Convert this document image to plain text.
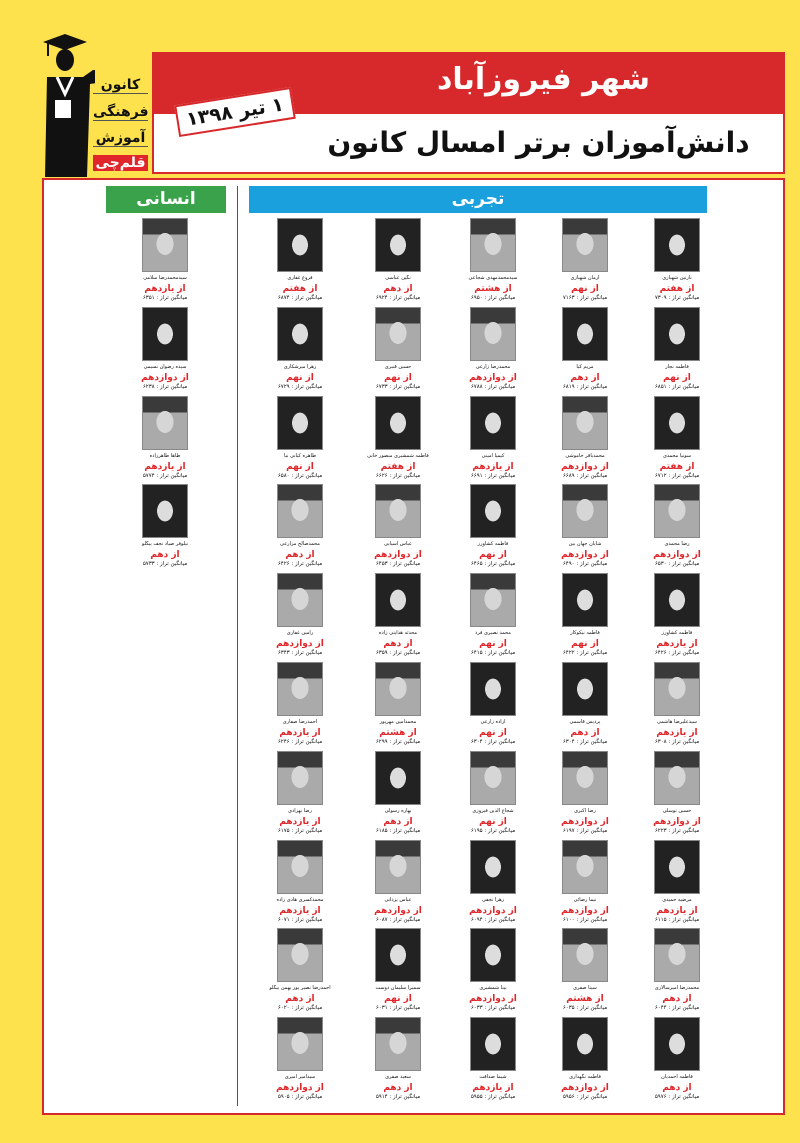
کانون
فرهنگی
آموزش
قلم‌چی
شهر فیروزآباد
دانش‌آموزان برتر امسال کانون
۱ تیر ۱۳۹۸
انسانی	تجربی
نازنین شهبازی
از هفتم
میانگین تراز : ۷۳۰۹
آرمان شهبازی
از نهم
میانگین تراز : ۷۱۶۳
سیدمحمدمهدی شجاعی
از هشتم
میانگین تراز : ۶۹۵۰
نگین عباسی
از دهم
میانگین تراز : ۶۹۲۴
فروغ غفاری
از هفتم
میانگین تراز : ۶۸۷۴
فاطمه نجار
از نهم
میانگین تراز : ۶۸۵۱
مریم کیا
از دهم
میانگین تراز : ۶۸۱۹
محمدرضا زارعی
از دوازدهم
میانگین تراز : ۶۷۸۸
حسین قنبری
از نهم
میانگین تراز : ۶۷۳۳
زهرا میرشکاری
از نهم
میانگین تراز : ۶۷۲۹
سونیا محمدی
از هفتم
میانگین تراز : ۶۷۱۲
محمدباقر خاموشی
از دوازدهم
میانگین تراز : ۶۶۸۹
کیمیا امینی
از یازدهم
میانگین تراز : ۶۶۹۱
فاطمه شمشیری منصور خانی
از هفتم
میانگین تراز : ۶۶۲۶
طاهره کیانی نیا
از نهم
میانگین تراز : ۶۵۸۰
رضا محمدی
از دوازدهم
میانگین تراز : ۶۵۳۰
شایان جهان بین
از دوازدهم
میانگین تراز : ۶۴۹۰
فاطمه کشاورز
از نهم
میانگین تراز : ۶۴۶۵
عباس آسیایی
از دوازدهم
میانگین تراز : ۶۴۵۳
محمدصالح مزارعی
از دهم
میانگین تراز : ۶۴۲۶
فاطمه کشاورز
از یازدهم
میانگین تراز : ۶۴۲۶
فاطمه نیکوکار
از نهم
میانگین تراز : ۶۴۲۲
محمد نصیری فرد
از نهم
میانگین تراز : ۶۴۱۵
محدثه هدایتی زاده
از دهم
میانگین تراز : ۶۳۵۹
رامین غفاری
از دوازدهم
میانگین تراز : ۶۳۴۳
سیدعلیرضا هاشمی
از یازدهم
میانگین تراز : ۶۳۰۸
پردیس قاسمی
از دهم
میانگین تراز : ۶۳۰۴
آزاده زارعی
از نهم
میانگین تراز : ۶۳۰۴
محمدامین مهرپور
از هشتم
میانگین تراز : ۶۲۹۹
احمدرضا صفاری
از یازدهم
میانگین تراز : ۶۲۴۶
حسین توسلی
از دوازدهم
میانگین تراز : ۶۲۲۳
رضا اکبری
از دوازدهم
میانگین تراز : ۶۱۹۷
شجاع الدین فیروزی
از نهم
میانگین تراز : ۶۱۹۵
بهاره رسولی
از دهم
میانگین تراز : ۶۱۸۵
رضا بهزادی
از یازدهم
میانگین تراز : ۶۱۷۵
مرضیه حمیدی
از یازدهم
میانگین تراز : ۶۱۱۵
نیما رضائی
از دوازدهم
میانگین تراز : ۶۱۰۰
زهرا نجفی
از دوازدهم
میانگین تراز : ۶۰۹۴
عباس یزدانی
از دوازدهم
میانگین تراز : ۶۰۸۷
محمدکسری هادی زاده
از یازدهم
میانگین تراز : ۶۰۷۱
محمدرضا امیرسالاری
از دهم
میانگین تراز : ۶۰۴۴
سینا صفری
از هشتم
میانگین تراز : ۶۰۳۵
بینا شمشیری
از دوازدهم
میانگین تراز : ۶۰۳۳
سمیرا سلیمان دوست
از نهم
میانگین تراز : ۶۰۳۱
احمدرضا نصیر پور بهمن بیگلو
از دهم
میانگین تراز : ۶۰۲۰
فاطمه احمدیان
از دهم
میانگین تراز : ۵۹۷۶
فاطمه نگهداری
از دوازدهم
میانگین تراز : ۵۹۵۶
شیما صداقت
از یازدهم
میانگین تراز : ۵۹۵۵
سعید صفری
از دهم
میانگین تراز : ۵۹۱۴
سیدامیر امیری
از دوازدهم
میانگین تراز : ۵۹۰۵
سیدمحمدرضا سلامی
از یازدهم
میانگین تراز : ۶۳۵۱
سیده رضوان نسیمی
از دوازدهم
میانگین تراز : ۶۲۳۸
طاها طاهرزاده
از یازدهم
میانگین تراز : ۵۷۷۴
نیلوفر صیاد نجف بیگلو
از دهم
میانگین تراز : ۵۷۳۳
